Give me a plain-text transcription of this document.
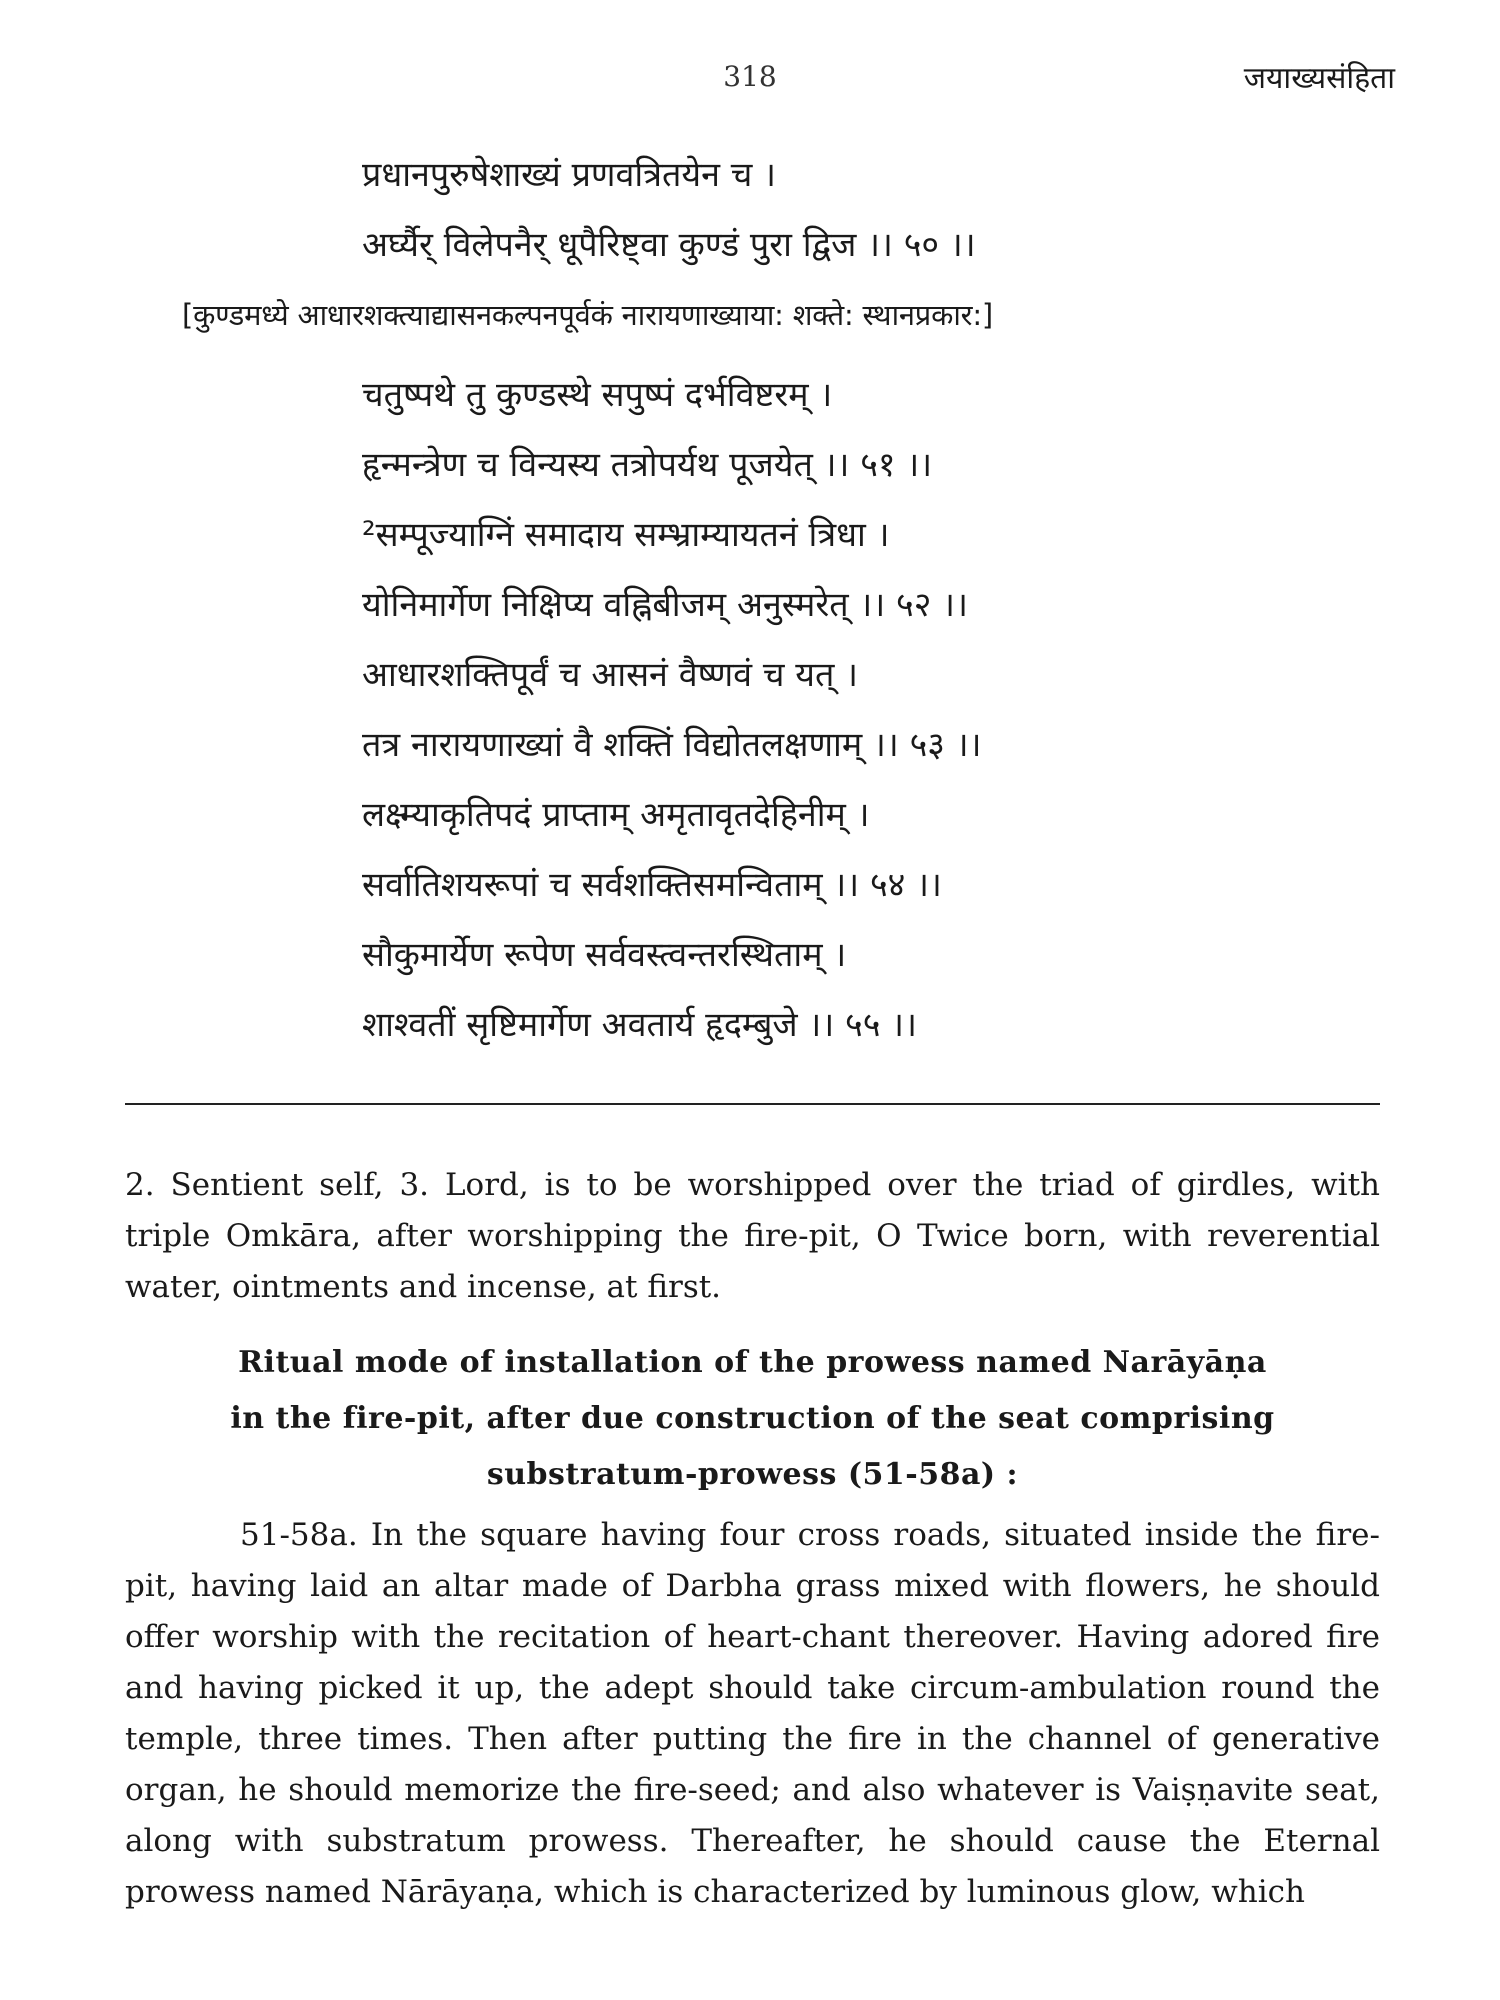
318	जयाख्यसंहिता
प्रधानपुरुषेशाख्यं प्रणवत्रितयेन च ।
अर्घ्यैर् विलेपनैर् धूपैरिष्ट्वा कुण्डं पुरा द्विज ।। ५० ।।
[कुण्डमध्ये आधारशक्त्याद्यासनकल्पनपूर्वकं नारायणाख्याया: शक्ते: स्थानप्रकार:]
चतुष्पथे तु कुण्डस्थे सपुष्पं दर्भविष्टरम् ।
हृन्मन्त्रेण च विन्यस्य तत्रोपर्यथ पूजयेत् ।। ५१ ।।
²सम्पूज्याग्निं समादाय सम्भ्राम्यायतनं त्रिधा ।
योनिमार्गेण निक्षिप्य वह्निबीजम् अनुस्मरेत् ।। ५२ ।।
आधारशक्तिपूर्वं च आसनं वैष्णवं च यत् ।
तत्र नारायणाख्यां वै शक्तिं विद्योतलक्षणाम् ।। ५३ ।।
लक्ष्म्याकृतिपदं प्राप्ताम् अमृतावृतदेहिनीम् ।
सर्वातिशयरूपां च सर्वशक्तिसमन्विताम् ।। ५४ ।।
सौकुमार्येण रूपेण सर्ववस्त्वन्तरस्थिताम् ।
शाश्वतीं सृष्टिमार्गेण अवतार्य हृदम्बुजे ।। ५५ ।।

2. Sentient self, 3. Lord, is to be worshipped over the triad of girdles, with triple Omkāra, after worshipping the fire-pit, O Twice born, with reverential water, ointments and incense, at first.

Ritual mode of installation of the prowess named Narāyāṇa
in the fire-pit, after due construction of the seat comprising
substratum-prowess (51-58a) :

51-58a. In the square having four cross roads, situated inside the fire-pit, having laid an altar made of Darbha grass mixed with flowers, he should offer worship with the recitation of heart-chant thereover. Having adored fire and having picked it up, the adept should take circum-ambulation round the temple, three times. Then after putting the fire in the channel of generative organ, he should memorize the fire-seed; and also whatever is Vaiṣṇavite seat, along with substratum prowess. Thereafter, he should cause the Eternal prowess named Nārāyaṇa, which is characterized by luminous glow, which
